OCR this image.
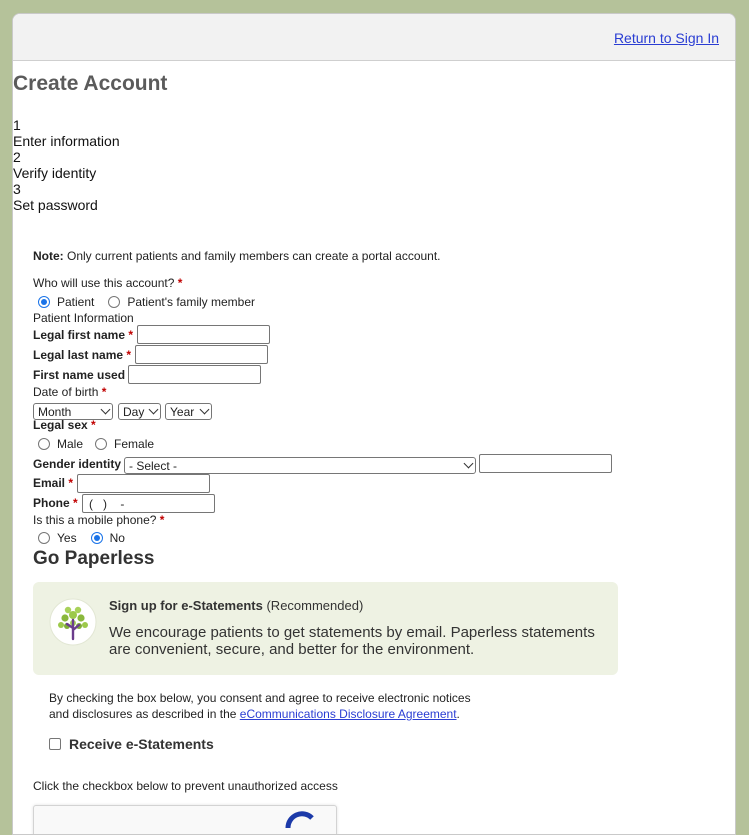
Return to Sign In
Create Account
1
Enter information
2
Verify identity
3
Set password
Note: Only current patients and family members can create a portal account.
Who will use this account? *
Patient	Patient's family member
Patient Information
Legal first name *
Legal last name *
First name used
Date of birth *
Month	Day Year
Legal sex *
Male	Female
Gender identity - Select -
Email *
Phone *
( ) -
Is this a mobile phone? *
Yes	No
Go Paperless
Sign up for e-Statements (Recommended)
We encourage patients to get statements by email. Paperless statements are convenient, secure, and better for the environment.
By checking the box below, you consent and agree to receive electronic notices
and disclosures as described in the eCommunications Disclosure Agreement.
Receive e-Statements
Click the checkbox below to prevent unauthorized access
